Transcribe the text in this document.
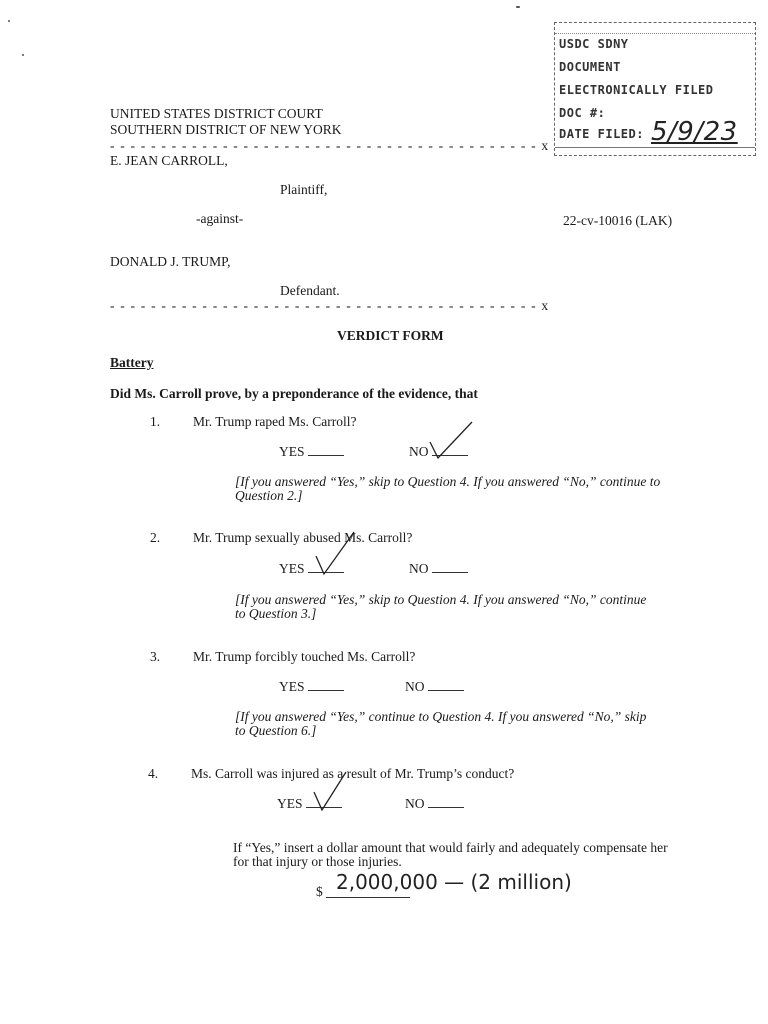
USDC SDNY
DOCUMENT
ELECTRONICALLY FILED
DOC #:
DATE FILED: 5/9/23
UNITED STATES DISTRICT COURT
SOUTHERN DISTRICT OF NEW YORK
- - - - - - - - - - - - - - - - - - - - - - - - - - - - - - - - - - - - - - - - - - x
E. JEAN CARROLL,
Plaintiff,
-against-	22-cv-10016 (LAK)
DONALD J. TRUMP,
Defendant.
- - - - - - - - - - - - - - - - - - - - - - - - - - - - - - - - - - - - - - - - - - x
VERDICT FORM
Battery
Did Ms. Carroll prove, by a preponderance of the evidence, that
1. Mr. Trump raped Ms. Carroll?
YES	NO
[If you answered “Yes,” skip to Question 4. If you answered “No,” continue to
Question 2.]
2. Mr. Trump sexually abused Ms. Carroll?
YES	NO
[If you answered “Yes,” skip to Question 4. If you answered “No,” continue
to Question 3.]
3. Mr. Trump forcibly touched Ms. Carroll?
YES	NO
[If you answered “Yes,” continue to Question 4. If you answered “No,” skip
to Question 6.]
4. Ms. Carroll was injured as a result of Mr. Trump’s conduct?
YES	NO
If “Yes,” insert a dollar amount that would fairly and adequately compensate her
for that injury or those injuries.
$ 2,000,000 — (2 million)
